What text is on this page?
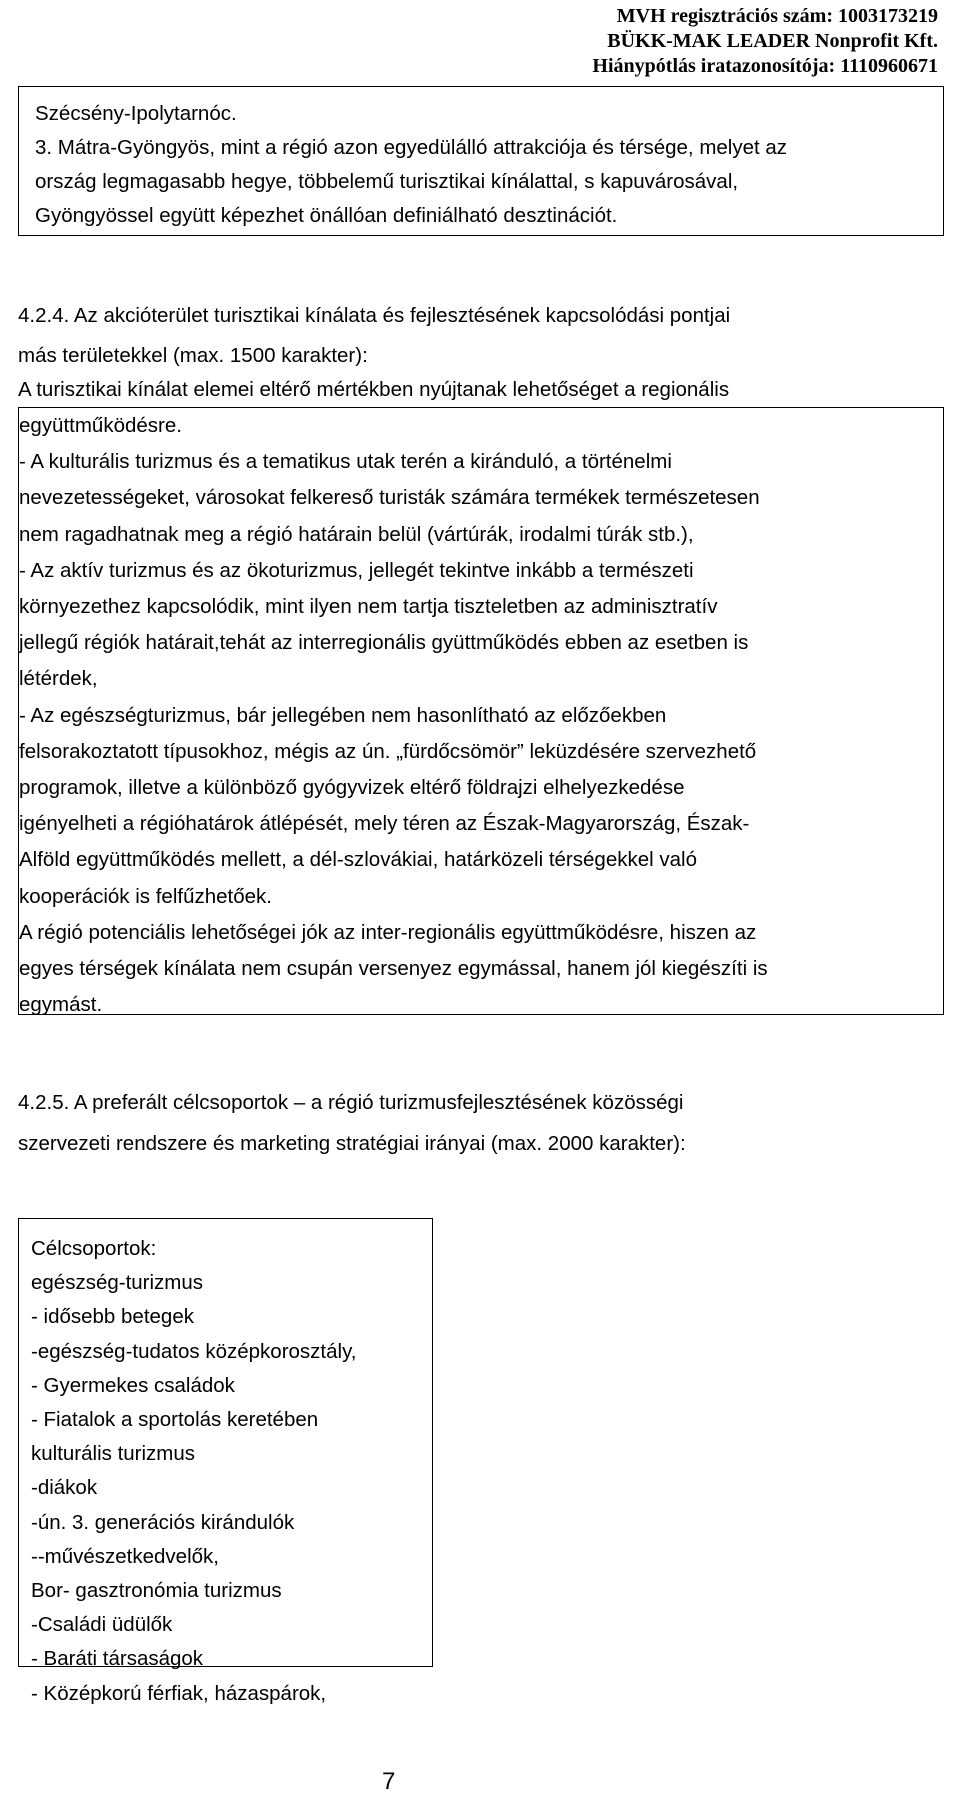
MVH regisztrációs szám: 1003173219
BÜKK-MAK LEADER Nonprofit Kft.
Hiánypótlás iratazonosítója: 1110960671
Szécsény-Ipolytarnóc.
3. Mátra-Gyöngyös, mint a régió azon egyedülálló attrakciója és térsége, melyet az
ország legmagasabb hegye, többelemű turisztikai kínálattal, s kapuvárosával,
Gyöngyössel együtt képezhet önállóan definiálható desztinációt.
4.2.4. Az akcióterület turisztikai kínálata és fejlesztésének kapcsolódási pontjai
más területekkel (max. 1500 karakter):
A turisztikai kínálat elemei eltérő mértékben nyújtanak lehetőséget a regionális
együttműködésre.
- A kulturális turizmus és a tematikus utak terén a kiránduló, a történelmi
nevezetességeket, városokat felkereső turisták számára termékek természetesen
nem ragadhatnak meg a régió határain belül (vártúrák, irodalmi túrák stb.),
- Az aktív turizmus és az ökoturizmus, jellegét tekintve inkább a természeti
környezethez kapcsolódik, mint ilyen nem tartja tiszteletben az adminisztratív
jellegű régiók határait,tehát az interregionális gyüttműködés ebben az esetben is
létérdek,
- Az egészségturizmus, bár jellegében nem hasonlítható az előzőekben
felsorakoztatott típusokhoz, mégis az ún. „fürdőcsömör” leküzdésére szervezhető
programok, illetve a különböző gyógyvizek eltérő földrajzi elhelyezkedése
igényelheti a régióhatárok átlépését, mely téren az Észak-Magyarország, Észak-
Alföld együttműködés mellett, a dél-szlovákiai, határközeli térségekkel való
kooperációk is felfűzhetőek.
A régió potenciális lehetőségei jók az inter-regionális együttműködésre, hiszen az
egyes térségek kínálata nem csupán versenyez egymással, hanem jól kiegészíti is
egymást.
4.2.5. A preferált célcsoportok – a régió turizmusfejlesztésének közösségi
szervezeti rendszere és marketing stratégiai irányai (max. 2000 karakter):
Célcsoportok:
egészség-turizmus
- idősebb betegek
-egészség-tudatos középkorosztály,
- Gyermekes családok
- Fiatalok a sportolás keretében
kulturális turizmus
-diákok
-ún. 3. generációs kirándulók
--művészetkedvelők,
Bor- gasztronómia turizmus
-Családi üdülők
- Baráti társaságok
- Középkorú férfiak, házaspárok,
7
